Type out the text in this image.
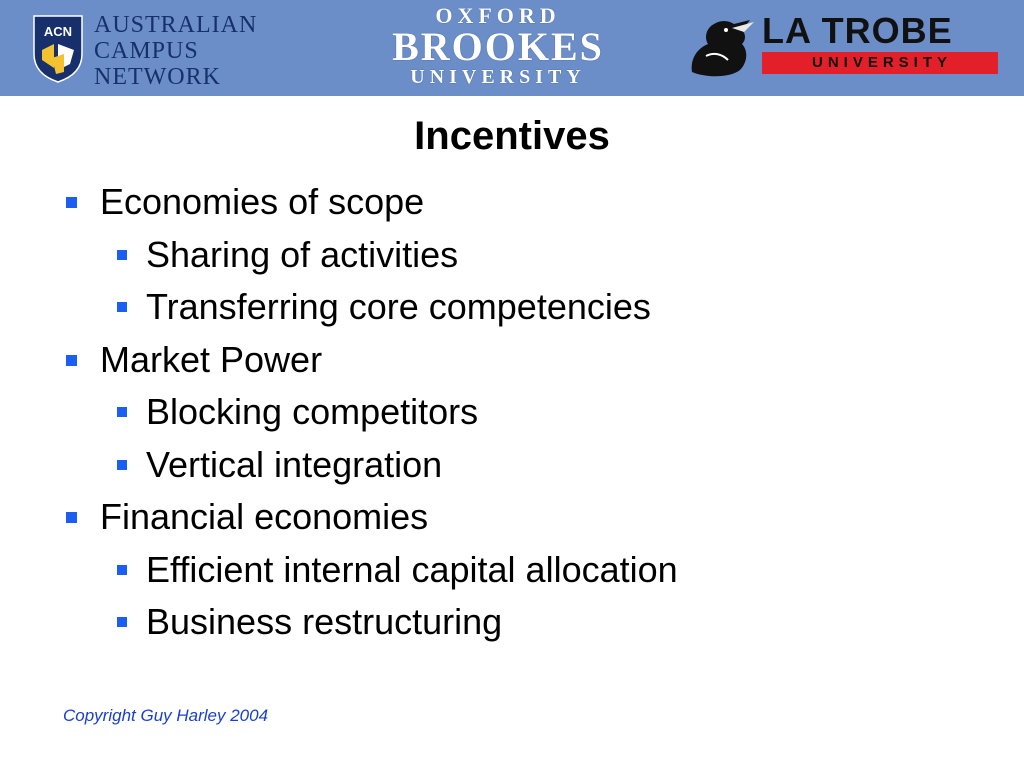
ACN AUSTRALIAN
CAMPUS
NETWORK
OXFORD
BROOKES
UNIVERSITY
LA TROBE
UNIVERSITY
Incentives
Economies of scope
Sharing of activities
Transferring core competencies
Market Power
Blocking competitors
Vertical integration
Financial economies
Efficient internal capital allocation
Business restructuring
Copyright Guy Harley 2004
